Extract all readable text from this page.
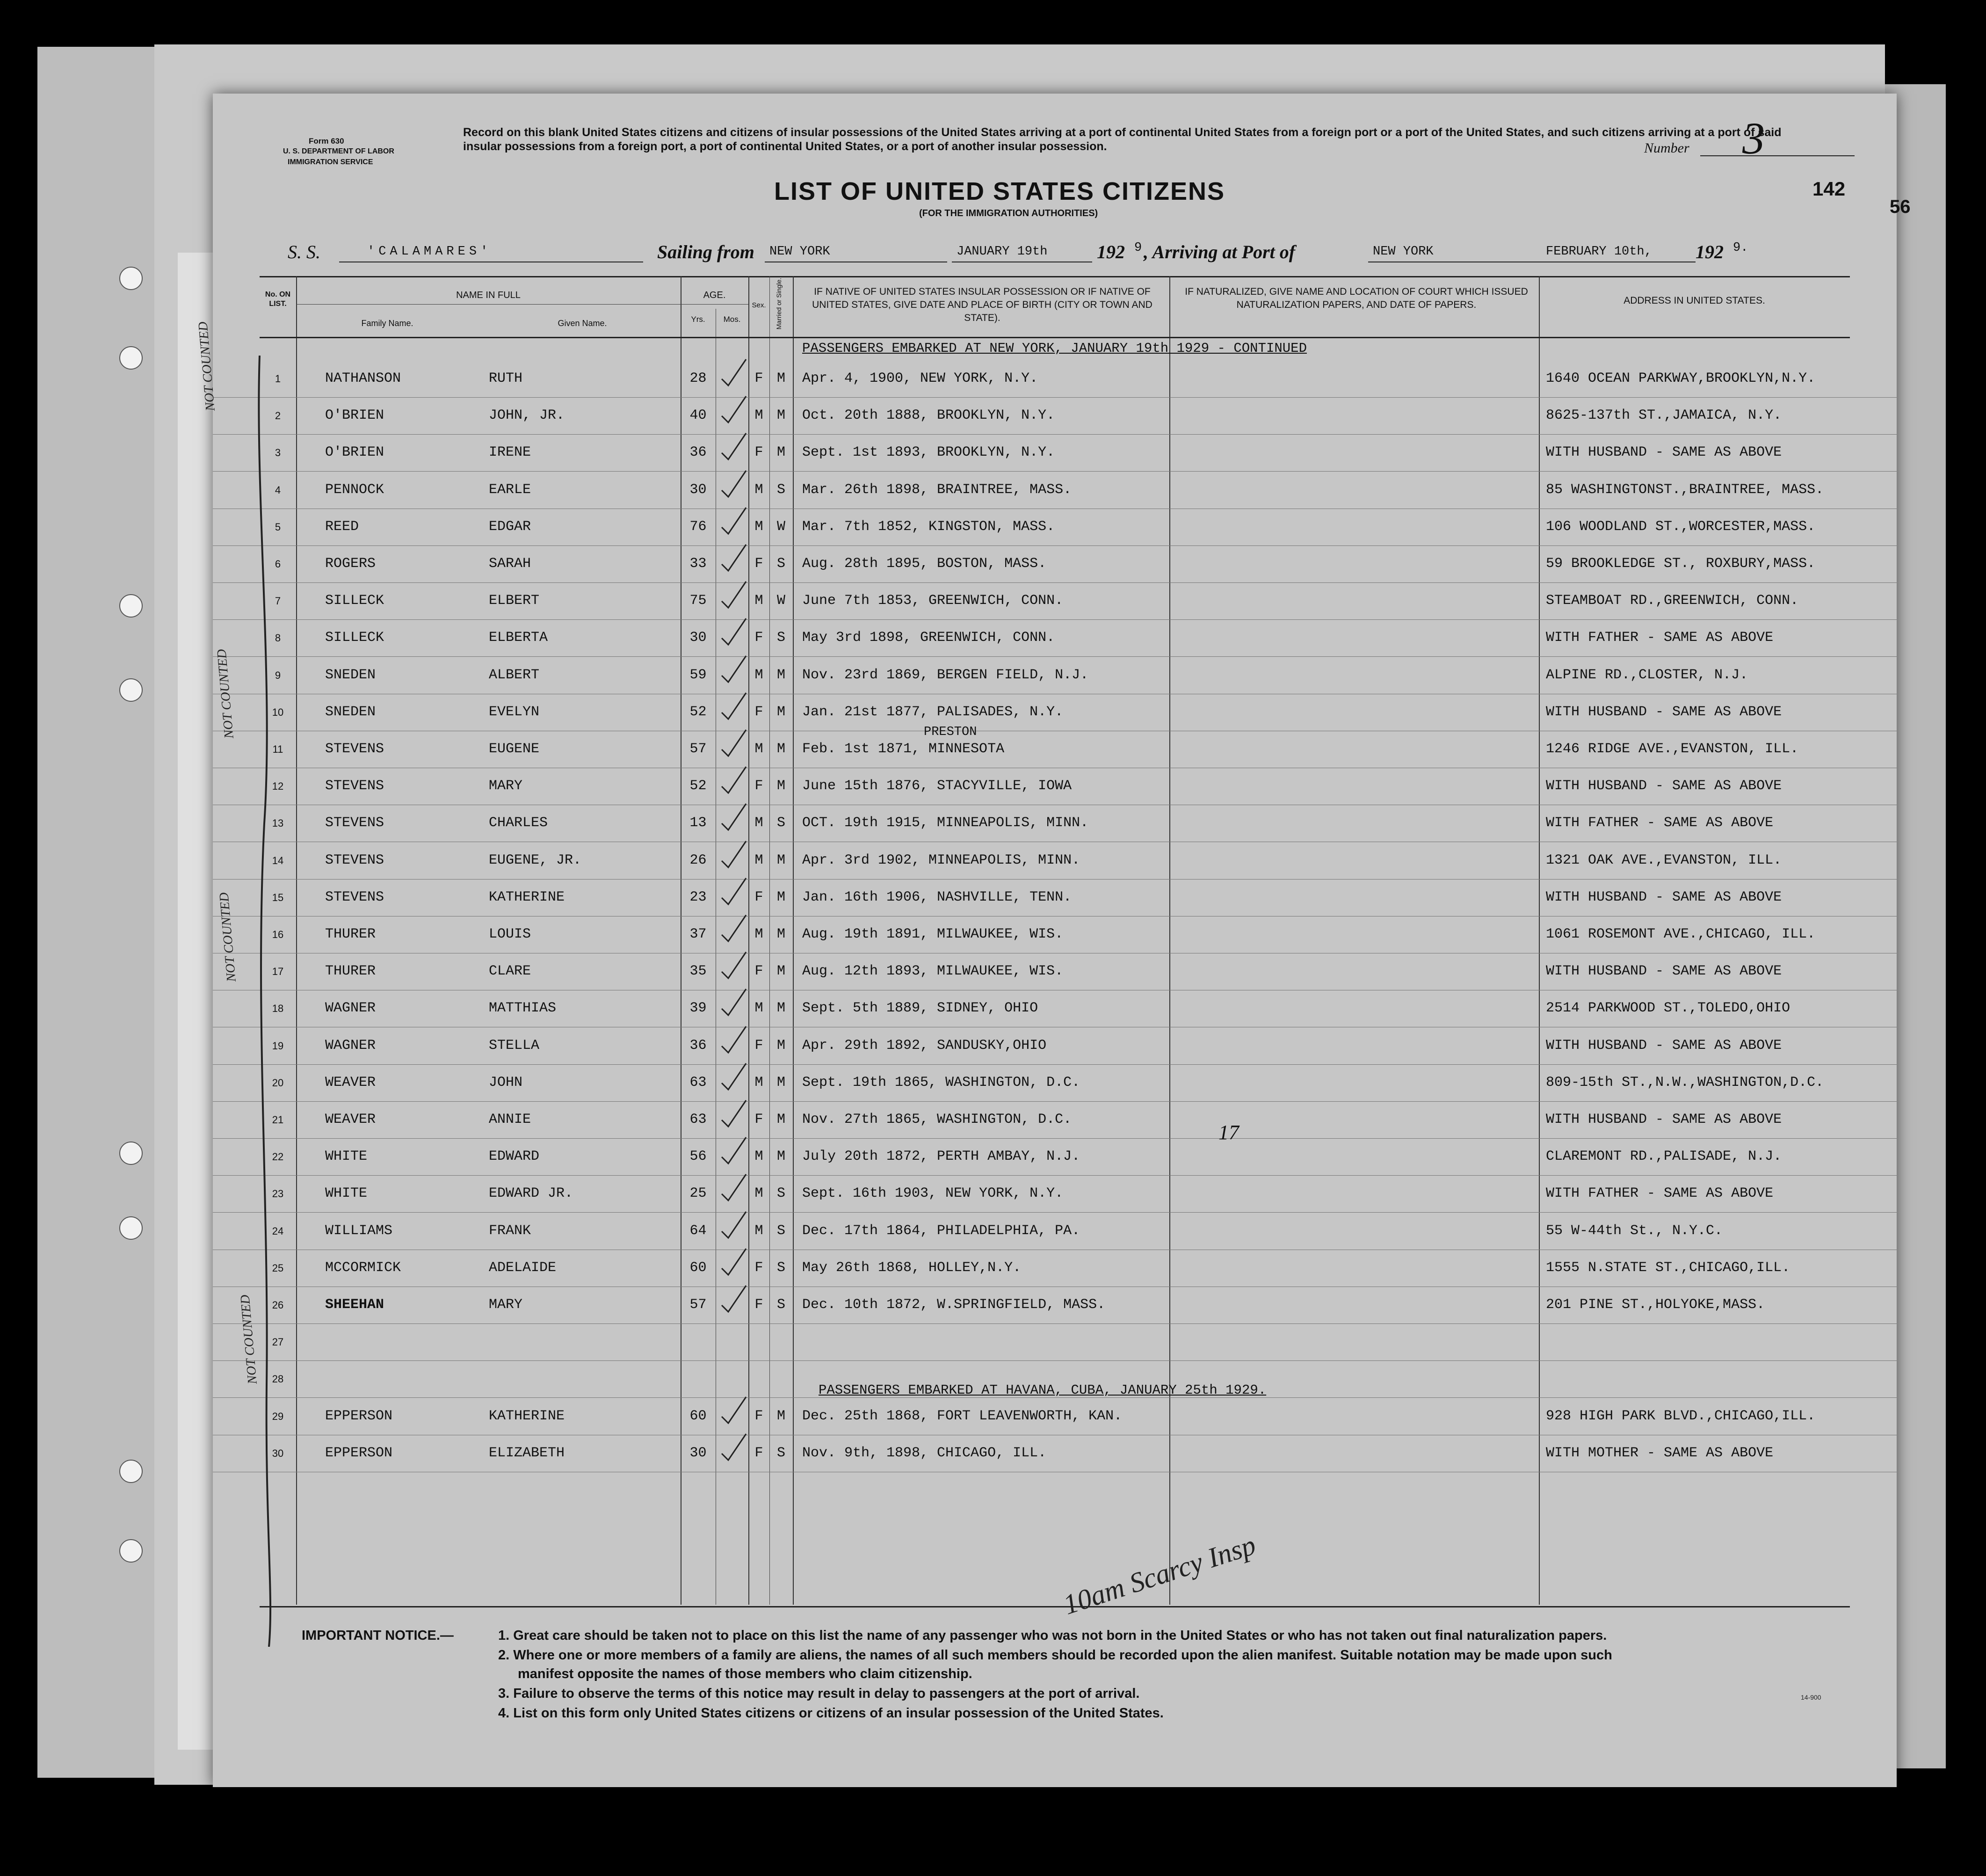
Form 630
U. S. DEPARTMENT OF LABOR
IMMIGRATION SERVICE
Record on this blank United States citizens and citizens of insular possessions of the United States arriving at a port of continental United States from a foreign port or a port of the United States, and such citizens arriving at a port of said insular possessions from a foreign port, a port of continental United States, or a port of another insular possession.	Number 3
LIST OF UNITED STATES CITIZENS
(FOR THE IMMIGRATION AUTHORITIES)
142
56
S. S.	'CALAMARES'	Sailing from NEW YORK	JANUARY 19th	192 9 , Arriving at Port of	NEW YORK	FEBRUARY 10th, 192 9.
No. ON LIST.
NAME IN FULL
Family Name.	Given Name.
AGE.
Yrs.	Mos.
Sex.	Married or Single.	IF NATIVE OF UNITED STATES INSULAR POSSESSION OR IF NATIVE OF UNITED STATES, GIVE DATE AND PLACE OF BIRTH (CITY OR TOWN AND STATE).
IF NATURALIZED, GIVE NAME AND LOCATION OF COURT WHICH ISSUED NATURALIZATION PAPERS, AND DATE OF PAPERS.	ADDRESS IN UNITED STATES.
PASSENGERS EMBARKED AT NEW YORK, JANUARY 19th 1929 - CONTINUED
1	NATHANSON	RUTH	28	F M	Apr. 4, 1900, NEW YORK, N.Y.	1640 OCEAN PARKWAY,BROOKLYN,N.Y.
2	O'BRIEN	JOHN, JR.	40	M M	Oct. 20th 1888, BROOKLYN, N.Y.	8625-137th ST.,JAMAICA, N.Y.
3	O'BRIEN	IRENE	36	F M	Sept. 1st 1893, BROOKLYN, N.Y.	WITH HUSBAND - SAME AS ABOVE
4	PENNOCK	EARLE	30	M S	Mar. 26th 1898, BRAINTREE, MASS.	85 WASHINGTONST.,BRAINTREE, MASS.
5	REED	EDGAR	76	M W	Mar. 7th 1852, KINGSTON, MASS.	106 WOODLAND ST.,WORCESTER,MASS.
6	ROGERS	SARAH	33	F S	Aug. 28th 1895, BOSTON, MASS.	59 BROOKLEDGE ST., ROXBURY,MASS.
7	SILLECK	ELBERT	75	M W	June 7th 1853, GREENWICH, CONN.	STEAMBOAT RD.,GREENWICH, CONN.
8	SILLECK	ELBERTA	30	F S	May 3rd 1898, GREENWICH, CONN.	WITH FATHER - SAME AS ABOVE
9	SNEDEN	ALBERT	59	M M	Nov. 23rd 1869, BERGEN FIELD, N.J.	ALPINE RD.,CLOSTER, N.J.
10	SNEDEN	EVELYN	52	F M	Jan. 21st 1877, PALISADES, N.Y.	WITH HUSBAND - SAME AS ABOVE
11	STEVENS	EUGENE	57	M M	Feb. 1st 1871, MINNESOTA	1246 RIDGE AVE.,EVANSTON, ILL.
PRESTON
12	STEVENS	MARY	52	F M	June 15th 1876, STACYVILLE, IOWA	WITH HUSBAND - SAME AS ABOVE
13	STEVENS	CHARLES	13	M S	OCT. 19th 1915, MINNEAPOLIS, MINN.	WITH FATHER - SAME AS ABOVE
14	STEVENS	EUGENE, JR.	26	M M	Apr. 3rd 1902, MINNEAPOLIS, MINN.	1321 OAK AVE.,EVANSTON, ILL.
15	STEVENS	KATHERINE	23	F M	Jan. 16th 1906, NASHVILLE, TENN.	WITH HUSBAND - SAME AS ABOVE
16	THURER	LOUIS	37	M M	Aug. 19th 1891, MILWAUKEE, WIS.	1061 ROSEMONT AVE.,CHICAGO, ILL.
17	THURER	CLARE	35	F M	Aug. 12th 1893, MILWAUKEE, WIS.	WITH HUSBAND - SAME AS ABOVE
18	WAGNER	MATTHIAS	39	M M	Sept. 5th 1889, SIDNEY, OHIO	2514 PARKWOOD ST.,TOLEDO,OHIO
19	WAGNER	STELLA	36	F M	Apr. 29th 1892, SANDUSKY,OHIO	WITH HUSBAND - SAME AS ABOVE
20	WEAVER	JOHN	63	M M	Sept. 19th 1865, WASHINGTON, D.C.	809-15th ST.,N.W.,WASHINGTON,D.C.
21	WEAVER	ANNIE	63	F M	Nov. 27th 1865, WASHINGTON, D.C.	WITH HUSBAND - SAME AS ABOVE
22	WHITE	EDWARD	56	M M	July 20th 1872, PERTH AMBAY, N.J.	CLAREMONT RD.,PALISADE, N.J.
23	WHITE	EDWARD JR.	25	M S	Sept. 16th 1903, NEW YORK, N.Y.	WITH FATHER - SAME AS ABOVE
24	WILLIAMS	FRANK	64	M S	Dec. 17th 1864, PHILADELPHIA, PA.	55 W-44th St., N.Y.C.
25	MCCORMICK	ADELAIDE	60	F S	May 26th 1868, HOLLEY,N.Y.	1555 N.STATE ST.,CHICAGO,ILL.
26	SHEEHAN	MARY	57	F S	Dec. 10th 1872, W.SPRINGFIELD, MASS.	201 PINE ST.,HOLYOKE,MASS.
27
28
29	EPPERSON	KATHERINE	60	F M	Dec. 25th 1868, FORT LEAVENWORTH, KAN.	928 HIGH PARK BLVD.,CHICAGO,ILL.
30	EPPERSON	ELIZABETH	30	F S	Nov. 9th, 1898, CHICAGO, ILL.	WITH MOTHER - SAME AS ABOVE
PASSENGERS EMBARKED AT HAVANA, CUBA, JANUARY 25th 1929.
NOT COUNTED
NOT COUNTED
NOT COUNTED
NOT COUNTED
17
10am Scarcy Insp
IMPORTANT NOTICE.—	1. Great care should be taken not to place on this list the name of any passenger who was not born in the United States or who has not taken out final naturalization papers.
2. Where one or more members of a family are aliens, the names of all such members should be recorded upon the alien manifest. Suitable notation may be made upon such
manifest opposite the names of those members who claim citizenship.
3. Failure to observe the terms of this notice may result in delay to passengers at the port of arrival.
4. List on this form only United States citizens or citizens of an insular possession of the United States.
14-900
